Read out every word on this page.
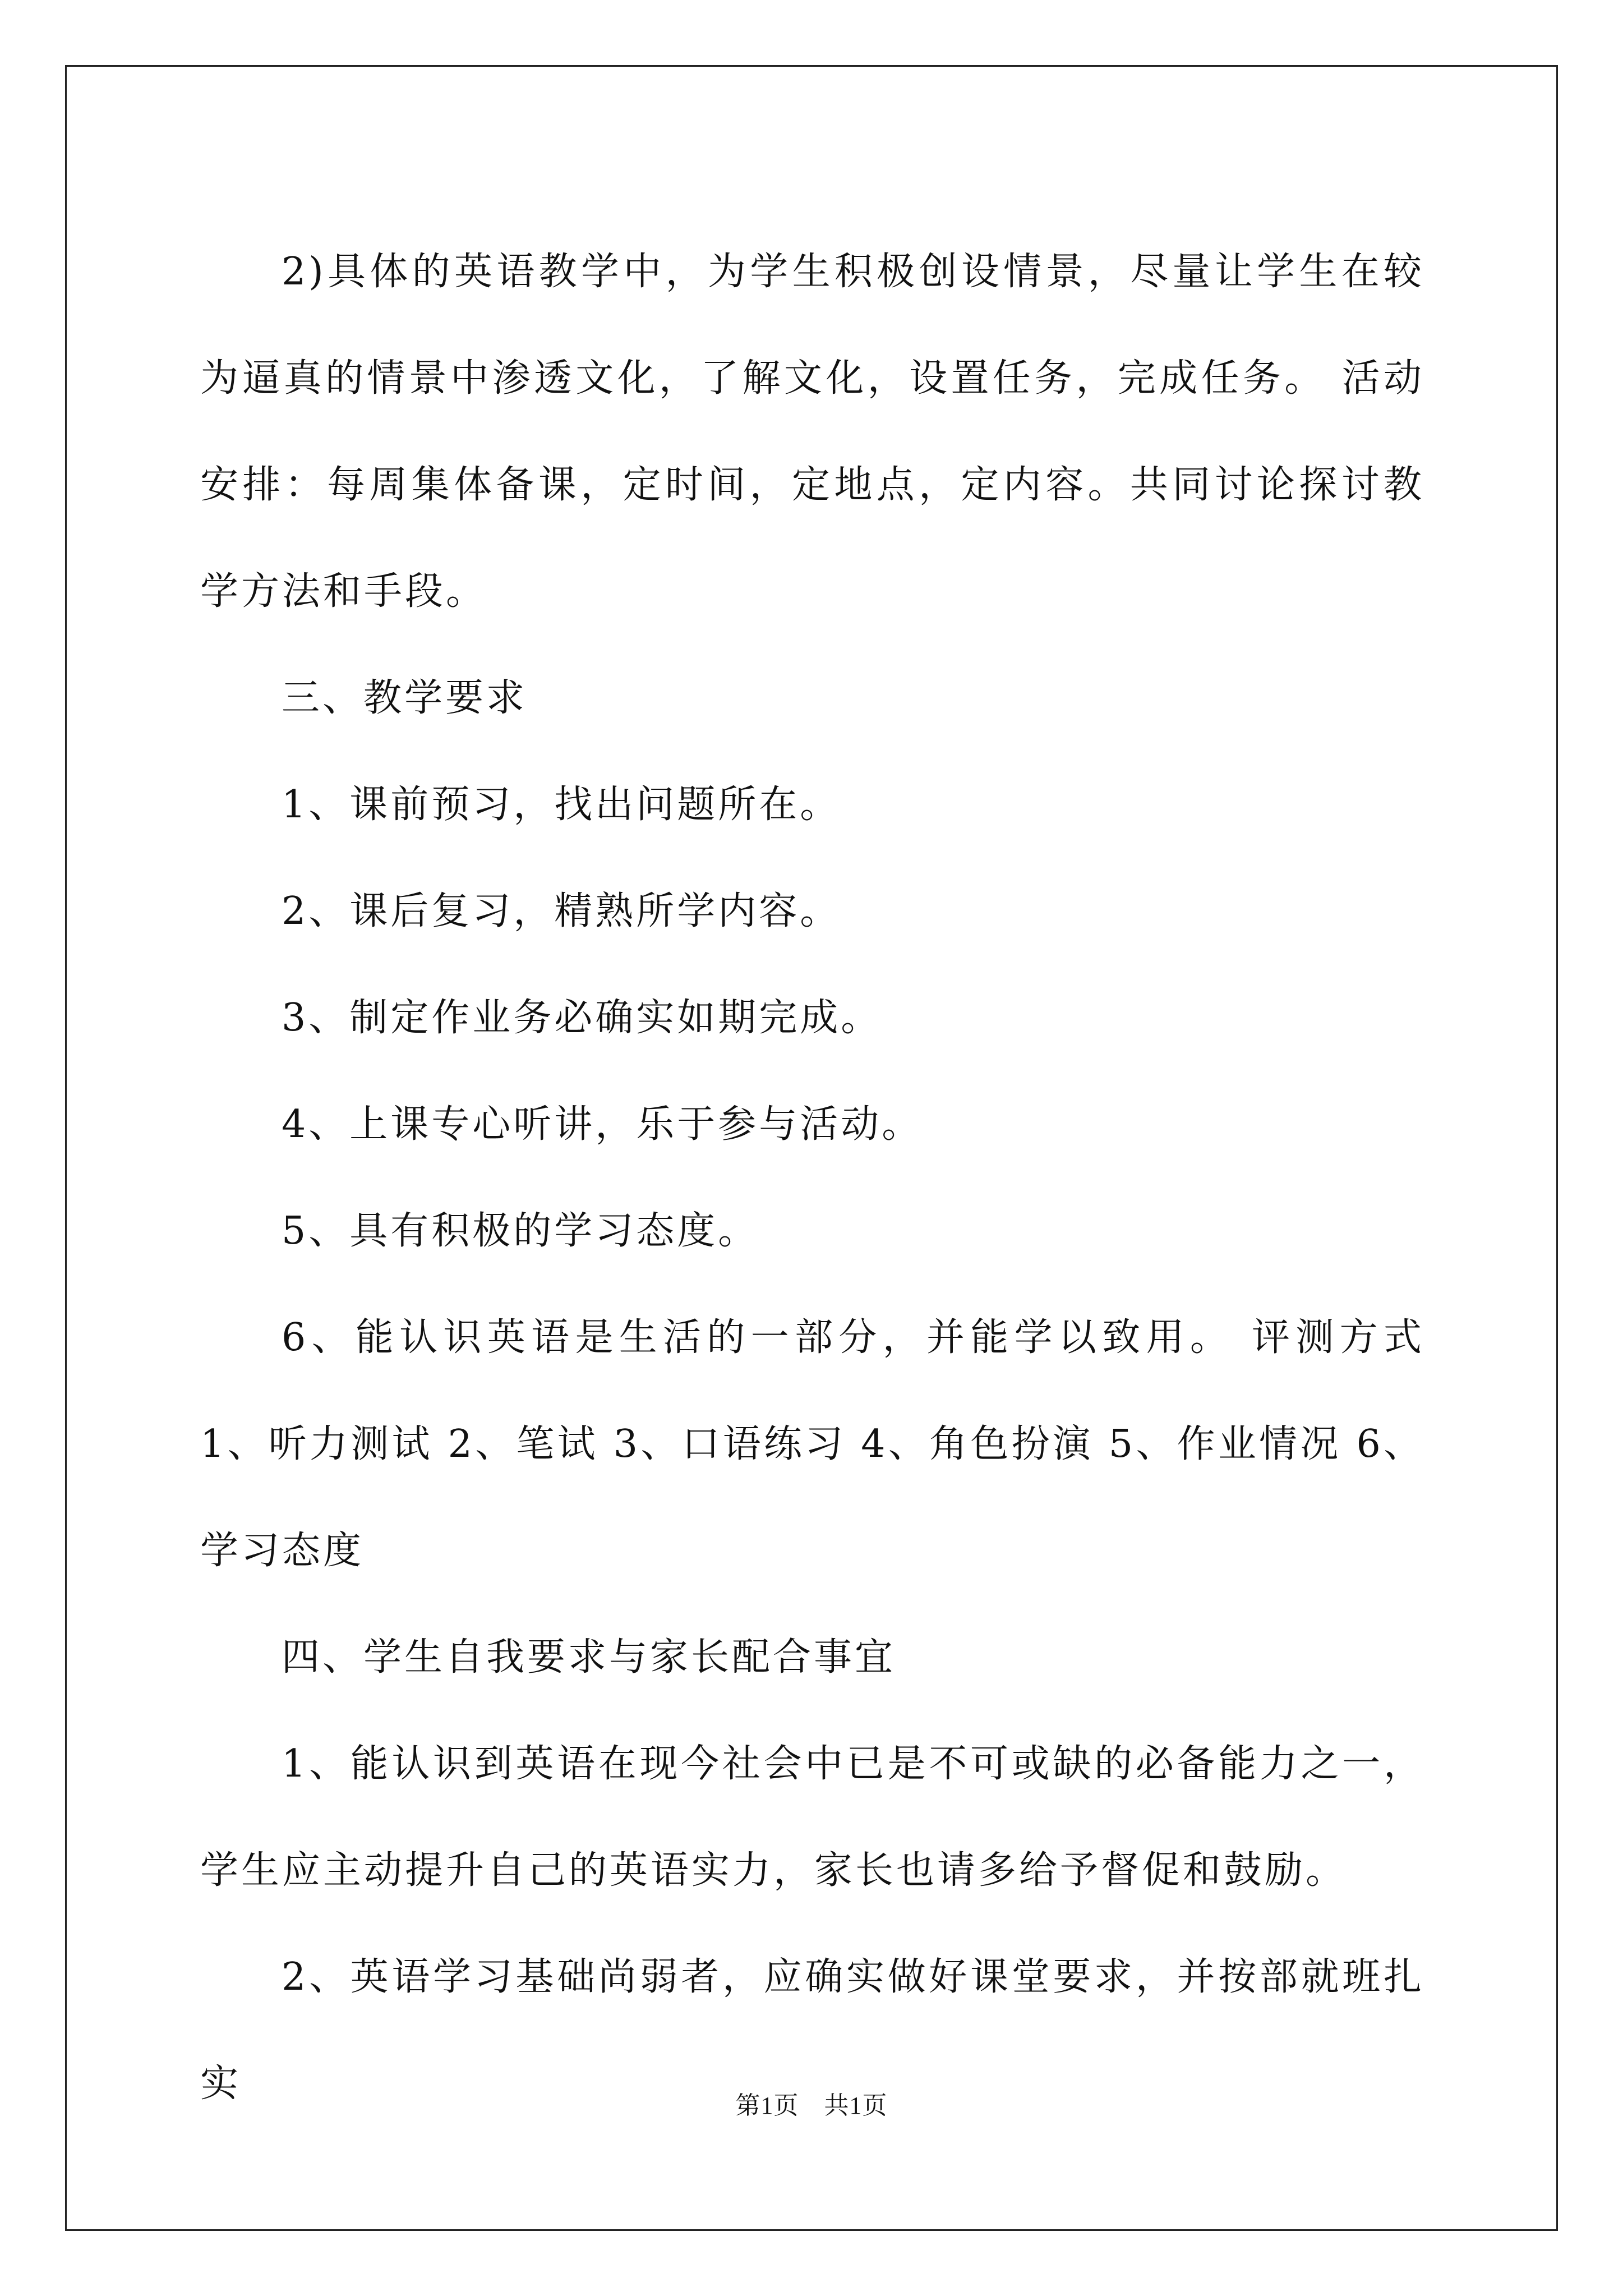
2)具体的英语教学中，为学生积极创设情景，尽量让学生在较为逼真的情景中渗透文化，了解文化，设置任务，完成任务。 活动安排：每周集体备课，定时间，定地点，定内容。共同讨论探讨教学方法和手段。

三、教学要求

1、课前预习，找出问题所在。

2、课后复习，精熟所学内容。

3、制定作业务必确实如期完成。

4、上课专心听讲，乐于参与活动。

5、具有积极的学习态度。

6、能认识英语是生活的一部分，并能学以致用。 评测方式 1、听力测试 2、笔试 3、口语练习 4、角色扮演 5、作业情况 6、学习态度

四、学生自我要求与家长配合事宜

1、能认识到英语在现今社会中已是不可或缺的必备能力之一，学生应主动提升自己的英语实力，家长也请多给予督促和鼓励。

2、英语学习基础尚弱者，应确实做好课堂要求，并按部就班扎实	第1页　共1页
